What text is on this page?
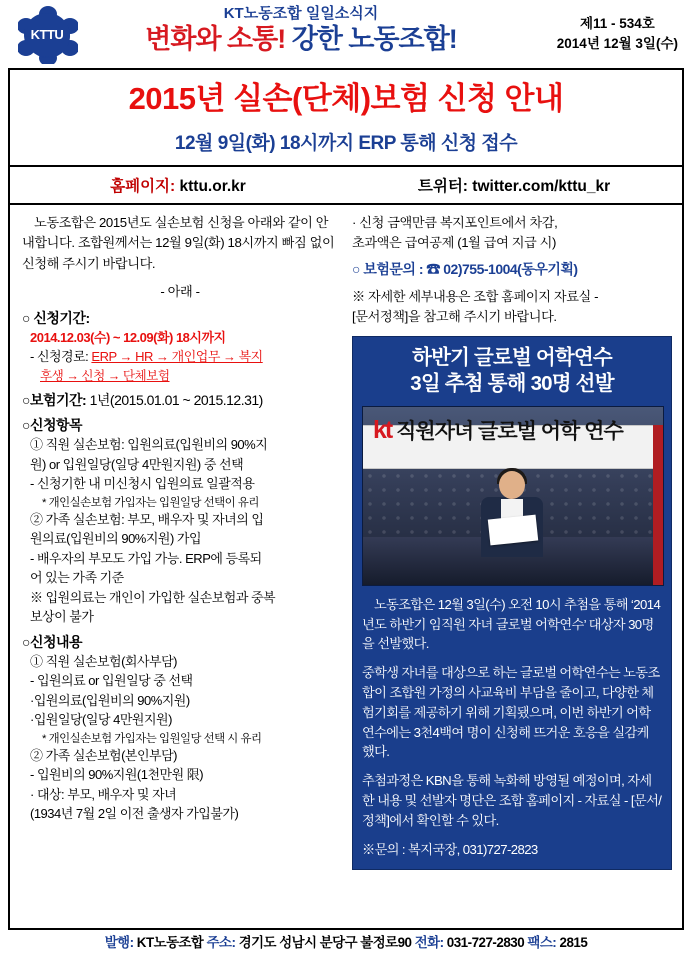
KTTU
KT노동조합 일일소식지
변화와 소통! 강한 노동조합!
제11 - 534호
2014년 12월 3일(수)
2015년 실손(단체)보험 신청 안내
12월 9일(화) 18시까지 ERP 통해 신청 접수
홈페이지: kttu.or.kr	트위터: twitter.com/kttu_kr
노동조합은 2015년도 실손보험 신청을 아래와 같이 안내합니다. 조합원께서는 12월 9일(화) 18시까지 빠짐 없이 신청해 주시기 바랍니다.
- 아래 -
○ 신청기간:
2014.12.03(수) ~ 12.09(화) 18시까지
- 신청경로: ERP → HR → 개인업무 → 복지
후생 → 신청 → 단체보험
○보험기간: 1년(2015.01.01 ~ 2015.12.31)
○신청항목
① 직원 실손보험: 입원의료(입원비의 90%지
원) or 입원일당(일당 4만원지원) 중 선택
- 신청기한 내 미신청시 입원의료 일괄적용
* 개인실손보험 가입자는 입원일당 선택이 유리
② 가족 실손보험: 부모, 배우자 및 자녀의 입
원의료(입원비의 90%지원) 가입
- 배우자의 부모도 가입 가능. ERP에 등록되
어 있는 가족 기준
※ 입원의료는 개인이 가입한 실손보험과 중복
보상이 불가
○신청내용
① 직원 실손보험(회사부담)
- 입원의료 or 입원일당 중 선택
·입원의료(입원비의 90%지원)
·입원일당(일당 4만원지원)
* 개인실손보험 가입자는 입원일당 선택 시 유리
② 가족 실손보험(본인부담)
- 입원비의 90%지원(1천만원 限)
· 대상: 부모, 배우자 및 자녀
(1934년 7월 2일 이전 출생자 가입불가)
· 신청 금액만큼 복지포인트에서 차감,
초과액은 급여공제 (1월 급여 지급 시)
○ 보험문의 : ☎ 02)755-1004(동우기획)
※ 자세한 세부내용은 조합 홈페이지 자료실 -
[문서정책]을 참고해 주시기 바랍니다.
하반기 글로벌 어학연수
3일 추첨 통해 30명 선발
kt 직원자녀 글로벌 어학 연수
노동조합은 12월 3일(수) 오전 10시 추첨을 통해 ‘2014년도 하반기 임직원 자녀 글로벌 어학연수’ 대상자 30명을 선발했다.
중학생 자녀를 대상으로 하는 글로벌 어학연수는 노동조합이 조합원 가정의 사교육비 부담을 줄이고, 다양한 체험기회를 제공하기 위해 기획됐으며, 이번 하반기 어학연수에는 3천4백여 명이 신청해 뜨거운 호응을 실감케 했다.
추첨과정은 KBN을 통해 녹화해 방영될 예정이며, 자세한 내용 및 선발자 명단은 조합 홈페이지 - 자료실 - [문서/정책]에서 확인할 수 있다.
※문의 : 복지국장, 031)727-2823
발행: KT노동조합 주소: 경기도 성남시 분당구 불정로90 전화: 031-727-2830 팩스: 2815
